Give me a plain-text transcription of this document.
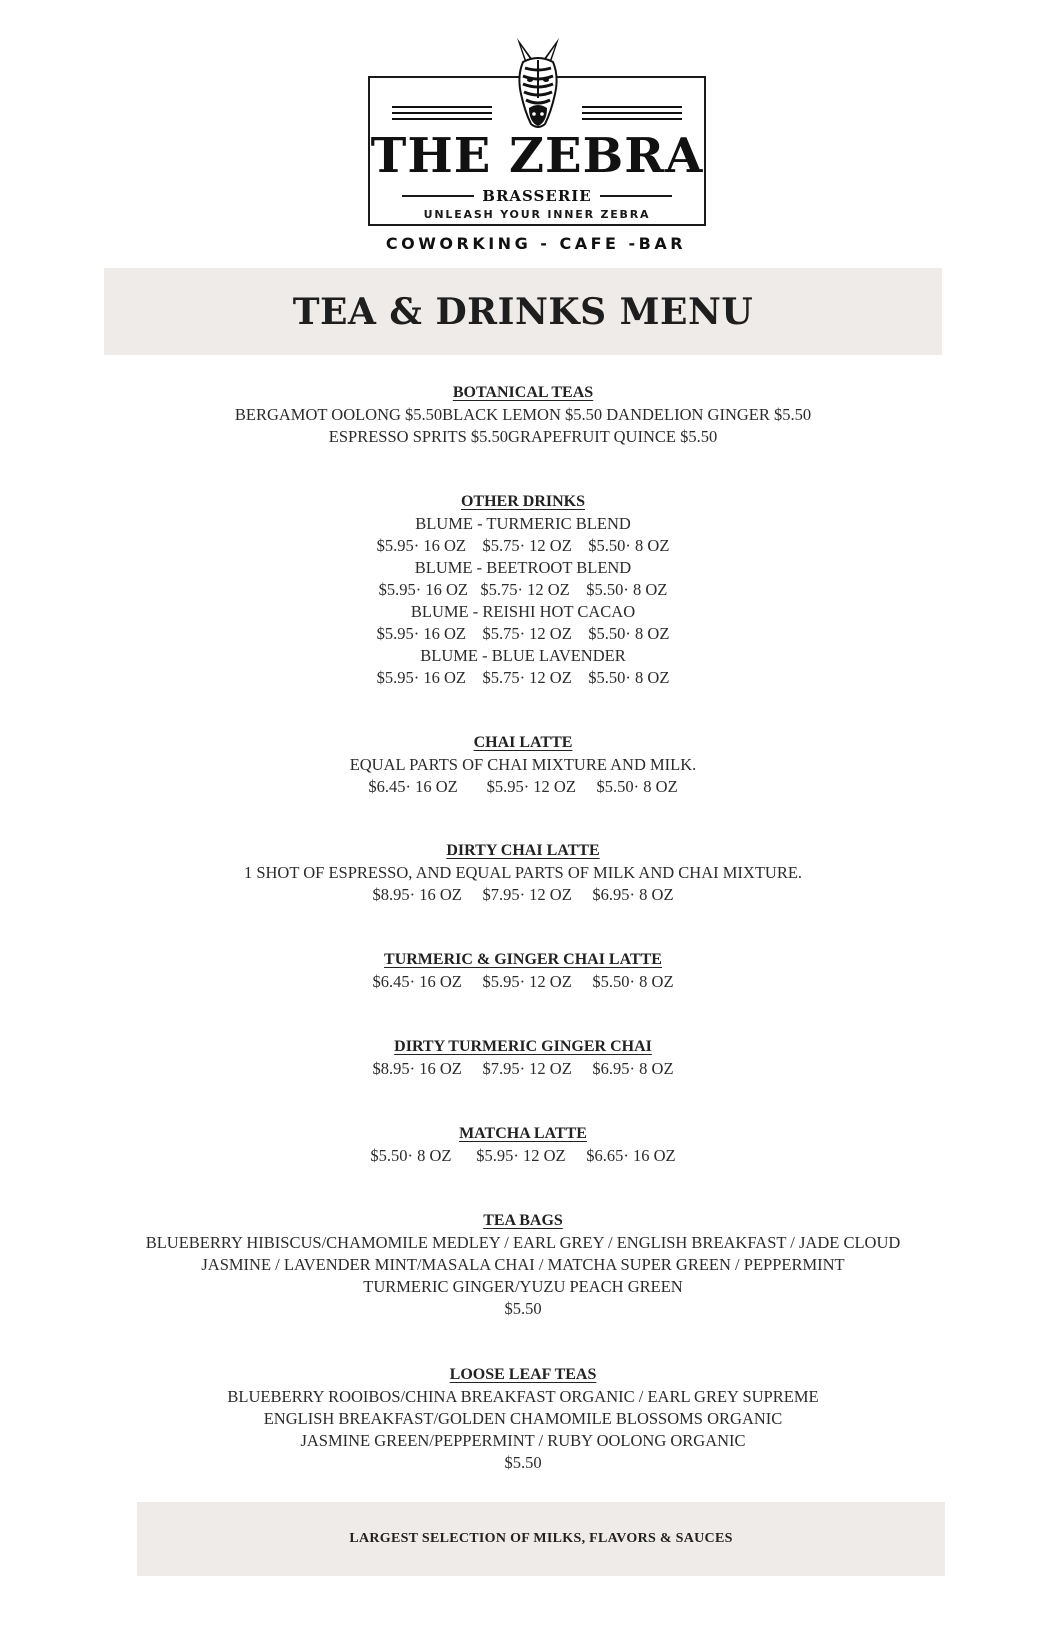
THE ZEBRA
BRASSERIE
UNLEASH YOUR INNER ZEBRA
COWORKING - CAFE -BAR
TEA & DRINKS MENU
BOTANICAL TEAS
BERGAMOT OOLONG $5.50BLACK LEMON $5.50 DANDELION GINGER $5.50
ESPRESSO SPRITS $5.50GRAPEFRUIT QUINCE $5.50
OTHER DRINKS
BLUME - TURMERIC BLEND
$5.95· 16 OZ    $5.75· 12 OZ    $5.50· 8 OZ
BLUME - BEETROOT BLEND
$5.95· 16 OZ   $5.75· 12 OZ    $5.50· 8 OZ
BLUME - REISHI HOT CACAO
$5.95· 16 OZ    $5.75· 12 OZ    $5.50· 8 OZ
BLUME - BLUE LAVENDER
$5.95· 16 OZ    $5.75· 12 OZ    $5.50· 8 OZ
CHAI LATTE
EQUAL PARTS OF CHAI MIXTURE AND MILK.
$6.45· 16 OZ       $5.95· 12 OZ     $5.50· 8 OZ
DIRTY CHAI LATTE
1 SHOT OF ESPRESSO, AND EQUAL PARTS OF MILK AND CHAI MIXTURE.
$8.95· 16 OZ     $7.95· 12 OZ     $6.95· 8 OZ
TURMERIC & GINGER CHAI LATTE
$6.45· 16 OZ     $5.95· 12 OZ     $5.50· 8 OZ
DIRTY TURMERIC GINGER CHAI
$8.95· 16 OZ     $7.95· 12 OZ     $6.95· 8 OZ
MATCHA LATTE
$5.50· 8 OZ      $5.95· 12 OZ     $6.65· 16 OZ
TEA BAGS
BLUEBERRY HIBISCUS/CHAMOMILE MEDLEY / EARL GREY / ENGLISH BREAKFAST / JADE CLOUD
JASMINE / LAVENDER MINT/MASALA CHAI / MATCHA SUPER GREEN / PEPPERMINT
TURMERIC GINGER/YUZU PEACH GREEN
$5.50
LOOSE LEAF TEAS
BLUEBERRY ROOIBOS/CHINA BREAKFAST ORGANIC / EARL GREY SUPREME
ENGLISH BREAKFAST/GOLDEN CHAMOMILE BLOSSOMS ORGANIC
JASMINE GREEN/PEPPERMINT / RUBY OOLONG ORGANIC
$5.50
LARGEST SELECTION OF MILKS, FLAVORS & SAUCES
